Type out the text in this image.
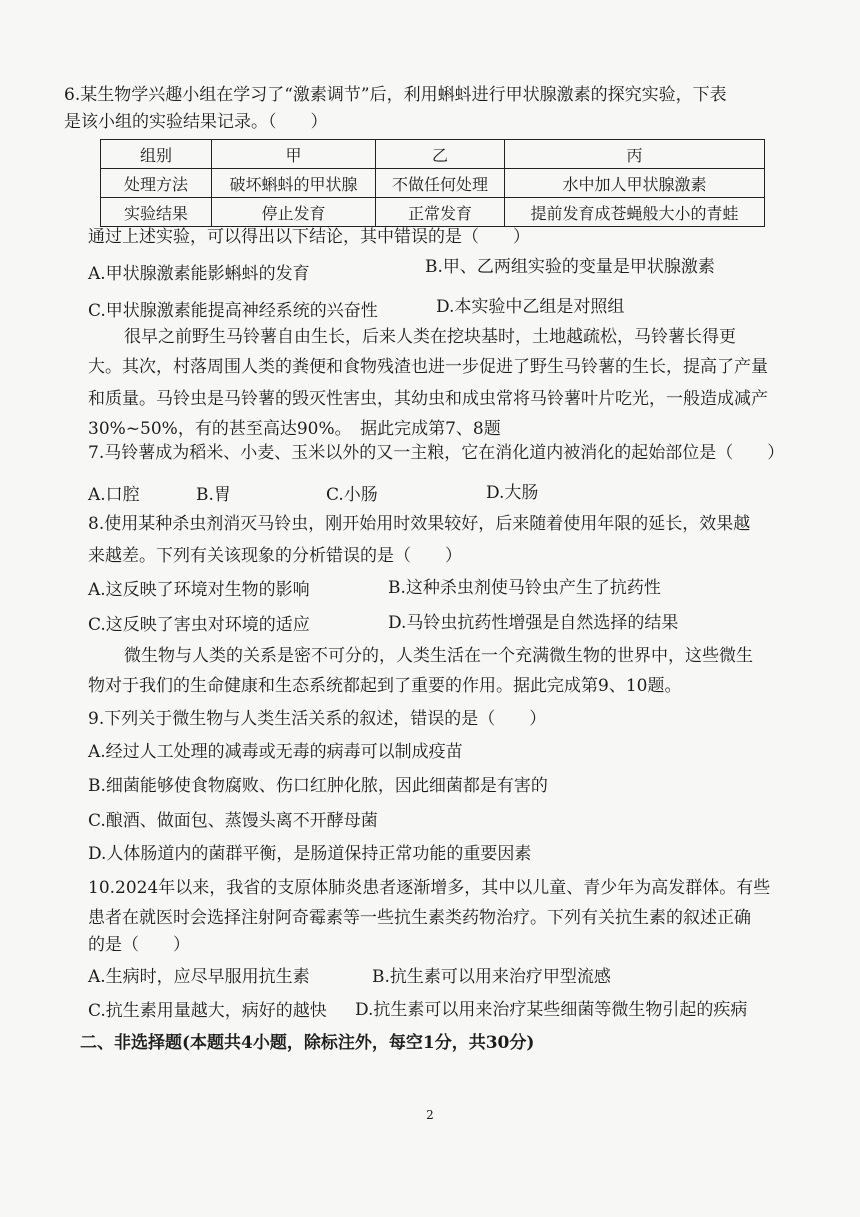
6.某生物学兴趣小组在学习了“激素调节”后，利用蝌蚪进行甲状腺激素的探究实验，下表
是该小组的实验结果记录。（　　）
组别	甲	乙	丙
处理方法	破坏蝌蚪的甲状腺	不做任何处理	水中加人甲状腺激素
实验结果	停止发育	正常发育	提前发育成苍蝇般大小的青蛙
通过上述实验，可以得出以下结论，其中错误的是（　　）
A.甲状腺激素能影蝌蚪的发育	B.甲、乙两组实验的变量是甲状腺激素
C.甲状腺激素能提高神经系统的兴奋性	D.本实验中乙组是对照组
很早之前野生马铃薯自由生长，后来人类在挖块基时，土地越疏松，马铃薯长得更
大。其次，村落周围人类的粪便和食物残渣也进一步促进了野生马铃薯的生长，提高了产量
和质量。马铃虫是马铃薯的毁灭性害虫，其幼虫和成虫常将马铃薯叶片吃光，一般造成减产
30%~50%，有的甚至高达90%。　据此完成第7、8题
7.马铃薯成为稻米、小麦、玉米以外的又一主粮，它在消化道内被消化的起始部位是（　　）
A.口腔	B.胃	C.小肠	D.大肠
8.使用某种杀虫剂消灭马铃虫，刚开始用时效果较好，后来随着使用年限的延长，效果越
来越差。下列有关该现象的分析错误的是（　　）
A.这反映了环境对生物的影响	B.这种杀虫剂使马铃虫产生了抗药性
C.这反映了害虫对环境的适应	D.马铃虫抗药性增强是自然选择的结果
微生物与人类的关系是密不可分的，人类生活在一个充满微生物的世界中，这些微生
物对于我们的生命健康和生态系统都起到了重要的作用。据此完成第9、10题。
9.下列关于微生物与人类生活关系的叙述，错误的是（　　）
A.经过人工处理的减毒或无毒的病毒可以制成疫苗
B.细菌能够使食物腐败、伤口红肿化脓，因此细菌都是有害的
C.酿酒、做面包、蒸馒头离不开酵母菌
D.人体肠道内的菌群平衡，是肠道保持正常功能的重要因素
10.2024年以来，我省的支原体肺炎患者逐渐增多，其中以儿童、青少年为高发群体。有些
患者在就医时会选择注射阿奇霉素等一些抗生素类药物治疗。下列有关抗生素的叙述正确
的是（　　）
A.生病时，应尽早服用抗生素	B.抗生素可以用来治疗甲型流感
C.抗生素用量越大，病好的越快 D.抗生素可以用来治疗某些细菌等微生物引起的疾病
二、非选择题(本题共4小题，除标注外，每空1分，共30分)
2
